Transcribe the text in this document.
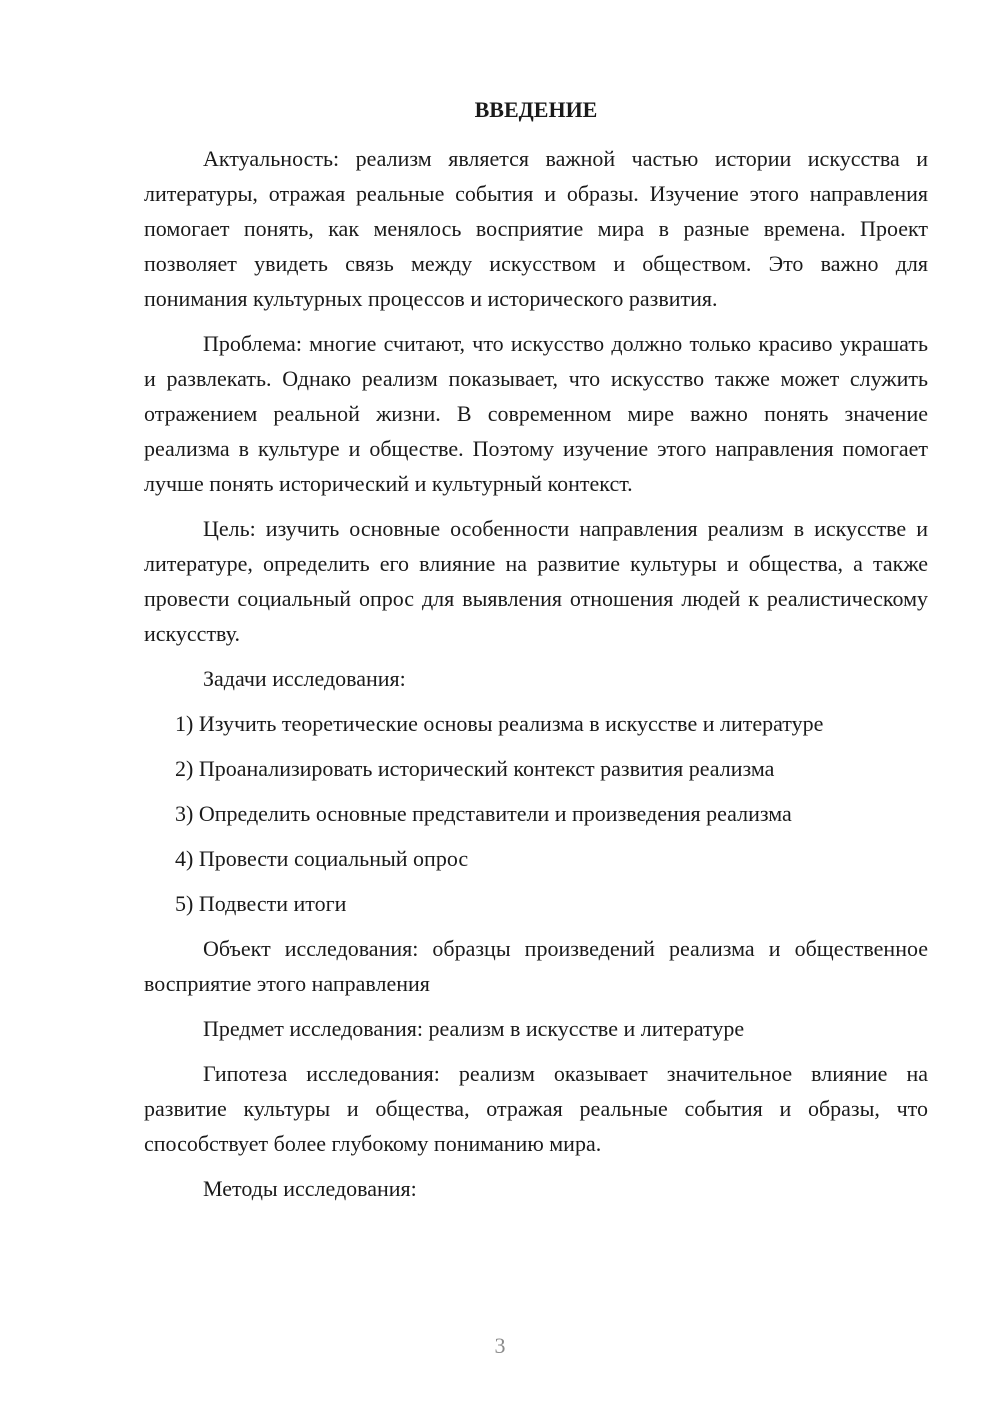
ВВЕДЕНИЕ

Актуальность: реализм является важной частью истории искусства и литературы, отражая реальные события и образы. Изучение этого направления помогает понять, как менялось восприятие мира в разные времена. Проект позволяет увидеть связь между искусством и обществом. Это важно для понимания культурных процессов и исторического развития.

Проблема: многие считают, что искусство должно только красиво украшать и развлекать. Однако реализм показывает, что искусство также может служить отражением реальной жизни. В современном мире важно понять значение реализма в культуре и обществе. Поэтому изучение этого направления помогает лучше понять исторический и культурный контекст.

Цель: изучить основные особенности направления реализм в искусстве и литературе, определить его влияние на развитие культуры и общества, а также провести социальный опрос для выявления отношения людей к реалистическому искусству.

Задачи исследования:

1) Изучить теоретические основы реализма в искусстве и литературе
2) Проанализировать исторический контекст развития реализма
3) Определить основные представители и произведения реализма
4) Провести социальный опрос
5) Подвести итоги

Объект исследования: образцы произведений реализма и общественное восприятие этого направления

Предмет исследования: реализм в искусстве и литературе

Гипотеза исследования: реализм оказывает значительное влияние на развитие культуры и общества, отражая реальные события и образы, что способствует более глубокому пониманию мира.

Методы исследования:

3
